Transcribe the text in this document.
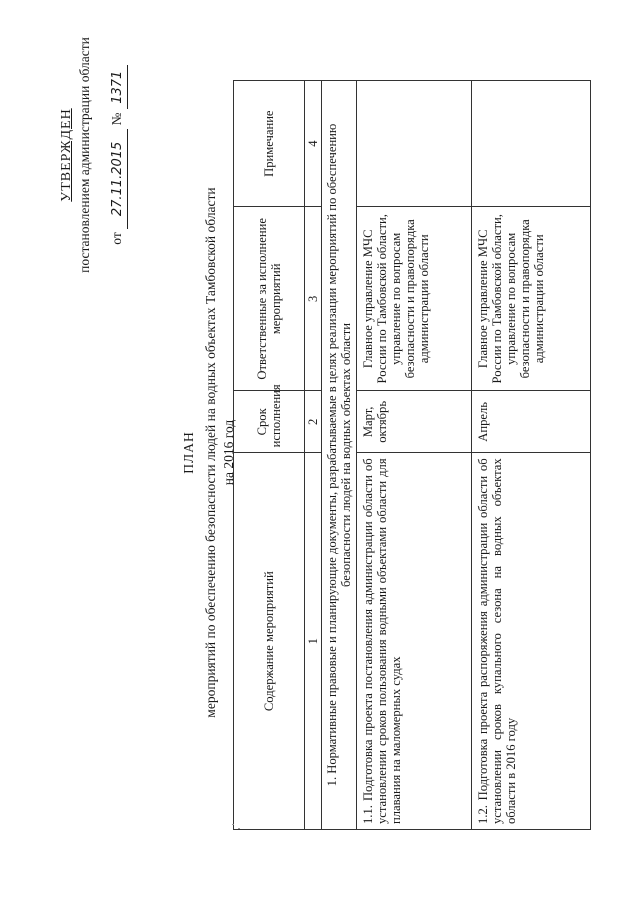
УТВЕРЖДЕН постановлением администрации области от 27.11.2015 № 1371
ПЛАН мероприятий по обеспечению безопасности людей на водных объектах Тамбовской области на 2016 год
Содержание мероприятий	Срок исполнения	Ответственные за исполнение мероприятий	Примечание
1	2	3	4
1. Нормативные правовые и планирующие документы, разрабатываемые в целях реализации мероприятий по обеспечению безопасности людей на водных объектах области			
1.1. Подготовка проекта постановления администрации области об установлении сроков пользования водными объектами области для плавания на маломерных судах	Март, октябрь	Главное управление МЧС России по Тамбовской области, управление по вопросам безопасности и правопорядка администрации области	
1.2. Подготовка проекта распоряжения администрации области об установлении сроков купального сезона на водных объектах области в 2016 году	Апрель	Главное управление МЧС России по Тамбовской области, управление по вопросам безопасности и правопорядка администрации области	
